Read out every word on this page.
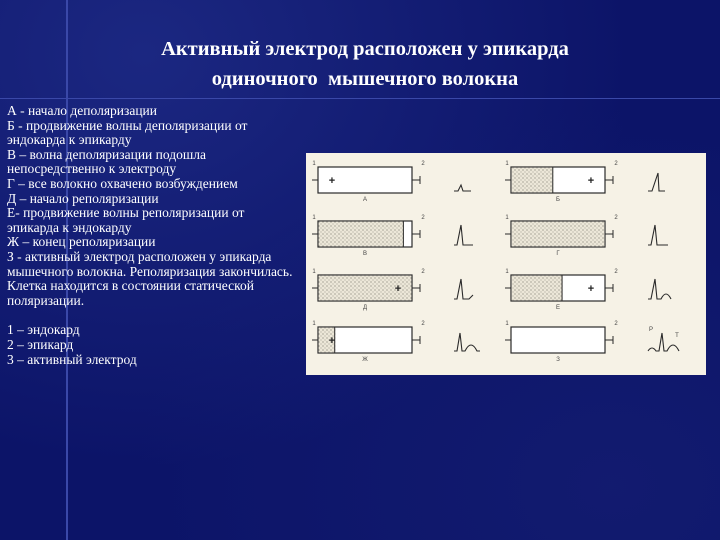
Активный электрод расположен у эпикарда
одиночного  мышечного волокна

А - начало деполяризации

Б - продвижение волны деполяризации от эндокарда к эпикарду

В – волна деполяризации подошла непосредственно к электроду

Г – все волокно охвачено возбуждением

Д – начало реполяризации

Е- продвижение волны реполяризации от эпикарда к эндокарду

Ж – конец реполяризации

З - активный электрод расположен у эпикарда мышечного волокна. Реполяризация закончилась. Клетка находится в состоянии статической поляризации.

1 – эндокард

2 – эпикард

3 – активный электрод

+
1	2
А
+
1	2
Б
1	2
В
1	2
Г
+
1	2
Д
+
1	2
Е
+
1	2
Ж
1	2
З
P
T
